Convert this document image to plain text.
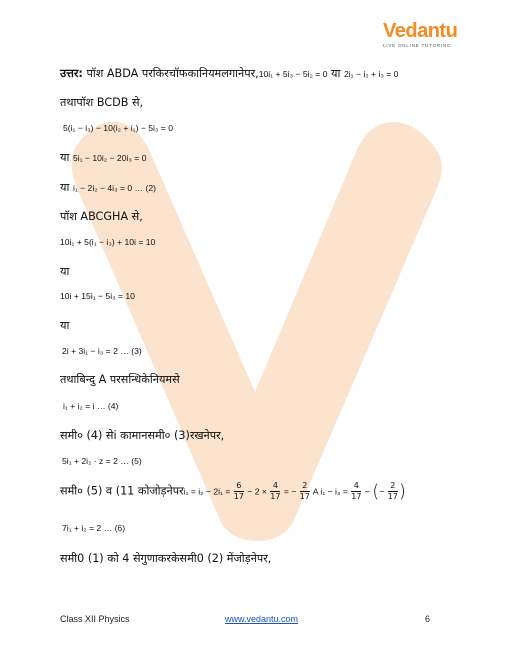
Vedantu
LIVE ONLINE TUTORING
उत्तर: पॉश ABDA परकिरचॉफकानियमलगानेपर,10i₁ + 5i₃ − 5i₂ = 0 या 2i₁ − i₂ + i₃ = 0
तथापॉश BCDB से,
5(i₁ − i₃) − 10(i₂ + i₁) − 5i₃ = 0
या 5i₁ − 10i₂ − 20i₃ = 0
या i₁ − 2i₂ − 4i₃ = 0 … (2)
पॉश ABCGHA से,
10i₁ + 5(i₁ − i₃) + 10i = 10
या
10i + 15i₁ − 5i₃ = 10
या
2i + 3i₁ − i₃ = 2 … (3)
तथाबिन्दु A परसन्धिकेनियमसे
i₁ + i₂ = i … (4)
समी० (4) सेi कामानसमी० (3)रखनेपर,
5i₁ + 2i₂ · z = 2 … (5)
समी० (5) व (11 कोजोड़नेपरi₁ = $i_2 - 2i_1 = \frac{6}{17} - 2 \times \frac{4}{17}$ = − $\frac{2}{17}$ A $i_1 - i_3 = \frac{4}{17}$ − (− $\frac{2}{17}$ )
7i₁ + i₂ = 2 … (6)
समी0 (1) को 4 सेगुणाकरकेसमी0 (2) मेंजोड़नेपर,
Class XII Physics	www.vedantu.com	6
